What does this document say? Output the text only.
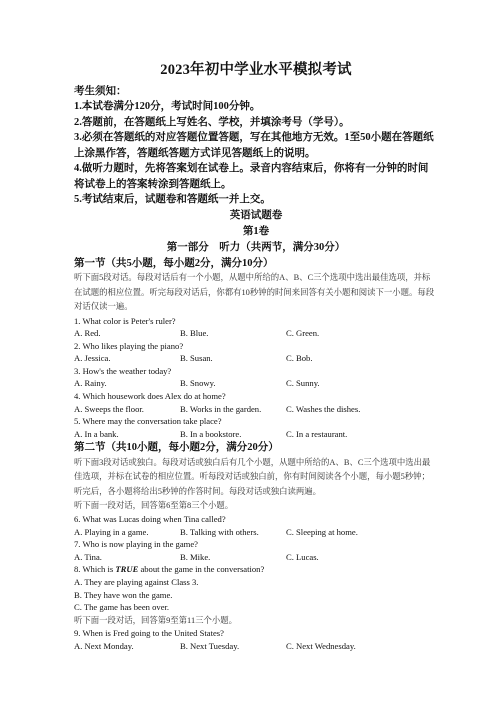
2023年初中学业水平模拟考试
考生须知：
1.本试卷满分120分，考试时间100分钟。
2.答题前，在答题纸上写姓名、学校，并填涂考号（学号）。
3.必须在答题纸的对应答题位置答题，写在其他地方无效。1至50小题在答题纸上涂黑作答，答题纸答题方式详见答题纸上的说明。
4.做听力题时，先将答案划在试卷上。录音内容结束后，你将有一分钟的时间将试卷上的答案转涂到答题纸上。
5.考试结束后，试题卷和答题纸一并上交。
英语试题卷
第1卷
第一部分　听力（共两节，满分30分）
第一节（共5小题，每小题2分，满分10分）
听下面5段对话。每段对话后有一个小题，从题中所给的A、B、C三个选项中选出最佳选项，并标在试题的相应位置。听完每段对话后，你都有10秒钟的时间来回答有关小题和阅读下一小题。每段对话仅读一遍。
1. What color is Peter's ruler?
A. Red.	B. Blue.	C. Green.
2. Who likes playing the piano?
A. Jessica.	B. Susan.	C. Bob.
3. How's the weather today?
A. Rainy.	B. Snowy.	C. Sunny.
4. Which housework does Alex do at home?
A. Sweeps the floor.	B. Works in the garden.	C. Washes the dishes.
5. Where may the conversation take place?
A. In a bank.	B. In a bookstore.	C. In a restaurant.
第二节（共10小题，每小题2分，满分20分）
听下面3段对话或独白。每段对话或独白后有几个小题，从题中所给的A、B、C三个选项中选出最佳选项，并标在试卷的相应位置。听每段对话或独白前，你有时间阅读各个小题，每小题5秒钟；听完后，各小题将给出5秒钟的作答时间。每段对话或独白读两遍。
听下面一段对话，回答第6至第8三个小题。
6. What was Lucas doing when Tina called?
A. Playing in a game.	B. Talking with others.	C. Sleeping at home.
7. Who is now playing in the game?
A. Tina.	B. Mike.	C. Lucas.
8. Which is TRUE about the game in the conversation?
A. They are playing against Class 3.
B. They have won the game.
C. The game has been over.
听下面一段对话，回答第9至第11三个小题。
9. When is Fred going to the United States?
A. Next Monday.	B. Next Tuesday.	C. Next Wednesday.
